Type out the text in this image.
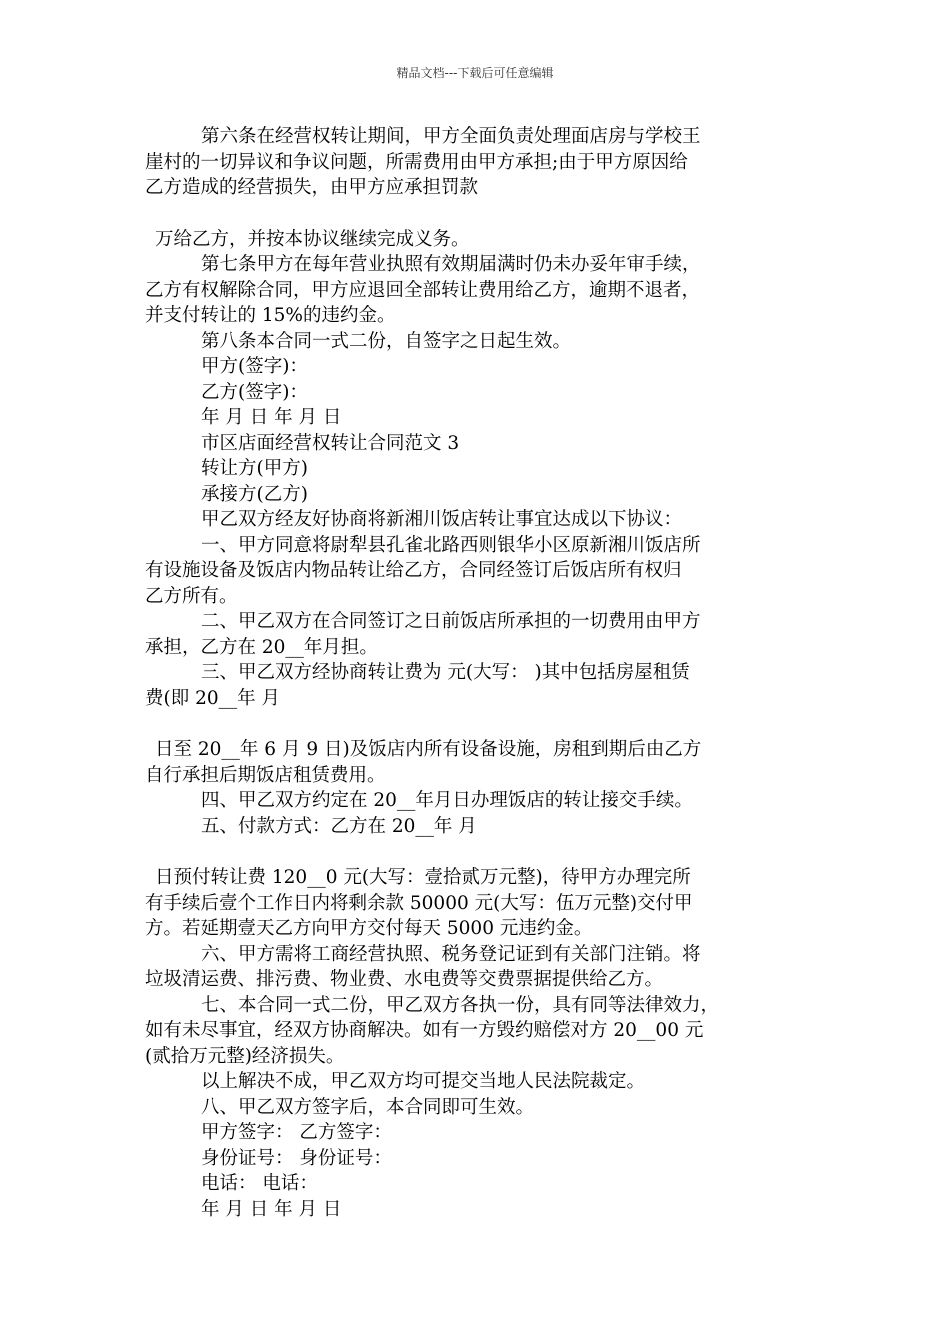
精品文档---下载后可任意编辑
第六条在经营权转让期间，甲方全面负责处理面店房与学校王
崖村的一切异议和争议问题，所需费用由甲方承担;由于甲方原因给
乙方造成的经营损失，由甲方应承担罚款
万给乙方，并按本协议继续完成义务。
第七条甲方在每年营业执照有效期届满时仍未办妥年审手续，
乙方有权解除合同，甲方应退回全部转让费用给乙方，逾期不退者，
并支付转让的 15%的违约金。
第八条本合同一式二份，自签字之日起生效。
甲方(签字)：
乙方(签字)：
年 月 日 年 月 日
市区店面经营权转让合同范文 3
转让方(甲方)
承接方(乙方)
甲乙双方经友好协商将新湘川饭店转让事宜达成以下协议：
一、甲方同意将尉犁县孔雀北路西则银华小区原新湘川饭店所
有设施设备及饭店内物品转让给乙方，合同经签订后饭店所有权归
乙方所有。
二、甲乙双方在合同签订之日前饭店所承担的一切费用由甲方
承担，乙方在 20__年月担。
三、甲乙双方经协商转让费为 元(大写： )其中包括房屋租赁
费(即 20__年 月
日至 20__年 6 月 9 日)及饭店内所有设备设施，房租到期后由乙方
自行承担后期饭店租赁费用。
四、甲乙双方约定在 20__年月日办理饭店的转让接交手续。
五、付款方式：乙方在 20__年 月
日预付转让费 120__0 元(大写：壹拾贰万元整)，待甲方办理完所
有手续后壹个工作日内将剩余款 50000 元(大写：伍万元整)交付甲
方。若延期壹天乙方向甲方交付每天 5000 元违约金。
六、甲方需将工商经营执照、税务登记证到有关部门注销。将
垃圾清运费、排污费、物业费、水电费等交费票据提供给乙方。
七、本合同一式二份，甲乙双方各执一份，具有同等法律效力，
如有未尽事宜，经双方协商解决。如有一方毁约赔偿对方 20__00 元
(贰拾万元整)经济损失。
以上解决不成，甲乙双方均可提交当地人民法院裁定。
八、甲乙双方签字后，本合同即可生效。
甲方签字： 乙方签字：
身份证号： 身份证号：
电话： 电话：
年 月 日 年 月 日
